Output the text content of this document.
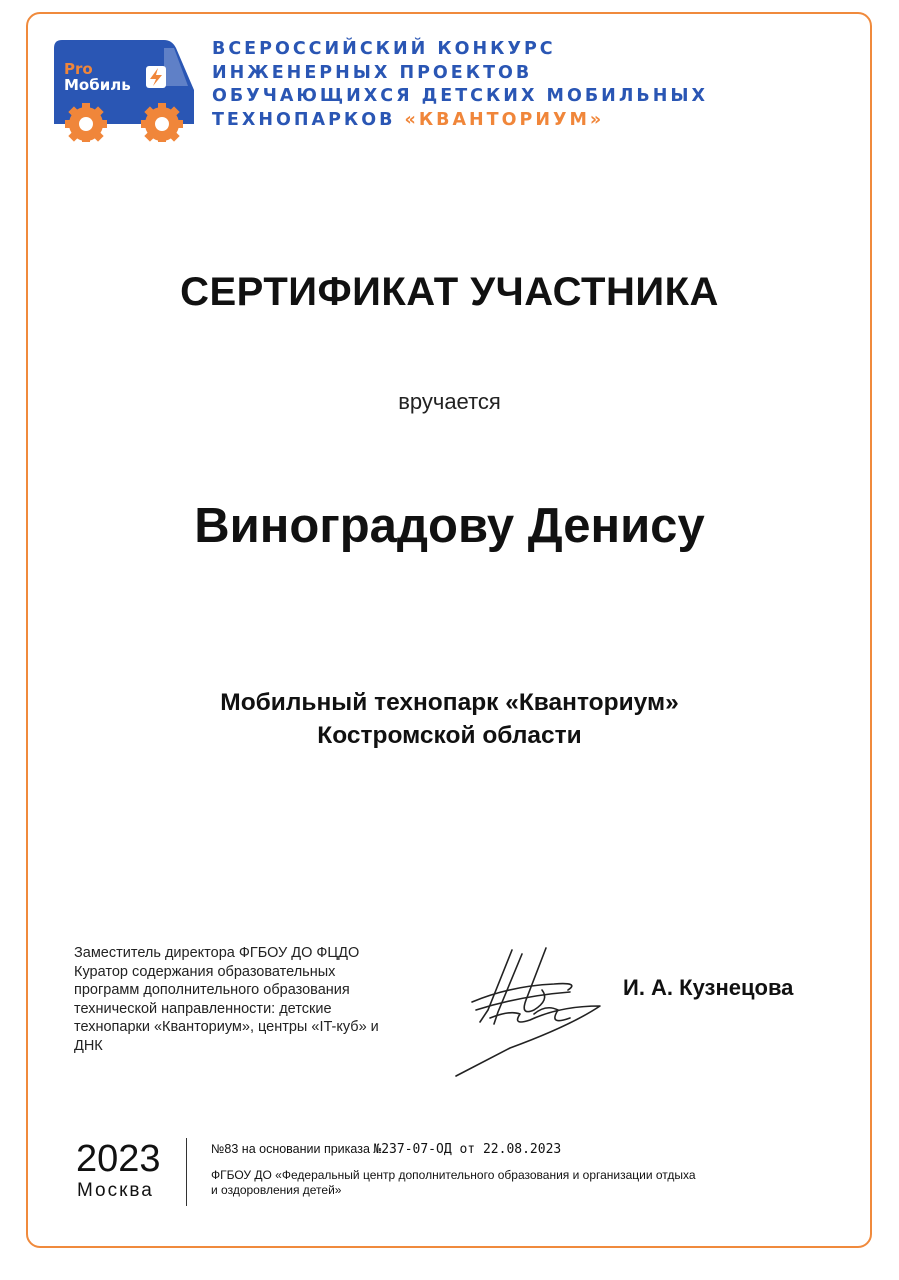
Pro
Мобиль
ВСЕРОССИЙСКИЙ КОНКУРС
ИНЖЕНЕРНЫХ ПРОЕКТОВ
ОБУЧАЮЩИХСЯ ДЕТСКИХ МОБИЛЬНЫХ
ТЕХНОПАРКОВ «КВАНТОРИУМ»
СЕРТИФИКАТ УЧАСТНИКА
вручается
Виноградову Денису
Мобильный технопарк «Кванториум»
Костромской области
Заместитель директора ФГБОУ ДО ФЦДО
Куратор содержания образовательных
программ дополнительного образования
технической направленности: детские
технопарки «Кванториум», центры «IT-куб» и
ДНК
И. А. Кузнецова
2023
Москва
№83 на основании приказа №237-07-ОД от 22.08.2023
ФГБОУ ДО «Федеральный центр дополнительного образования и организации отдыха
и оздоровления детей»
